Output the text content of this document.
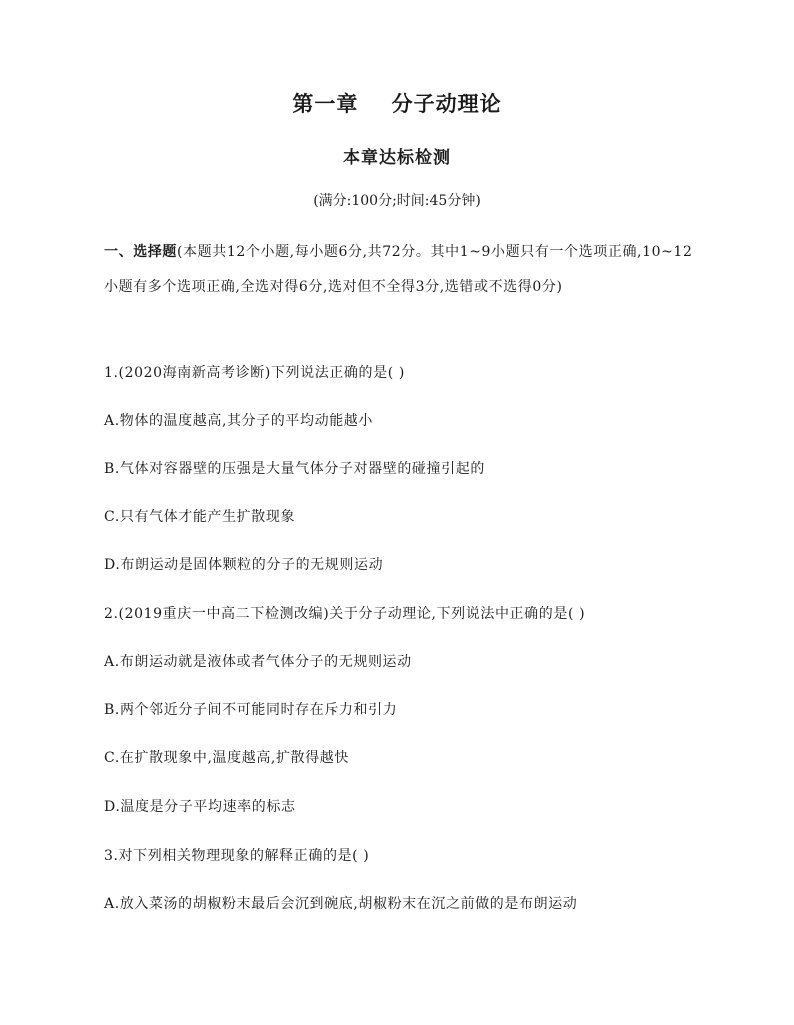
第一章    分子动理论
本章达标检测
(满分:100分;时间:45分钟)
一、选择题(本题共12个小题,每小题6分,共72分。其中1~9小题只有一个选项正确,10~12小题有多个选项正确,全选对得6分,选对但不全得3分,选错或不选得0分)
1.(2020海南新高考诊断)下列说法正确的是( )
A.物体的温度越高,其分子的平均动能越小
B.气体对容器壁的压强是大量气体分子对器壁的碰撞引起的
C.只有气体才能产生扩散现象
D.布朗运动是固体颗粒的分子的无规则运动
2.(2019重庆一中高二下检测改编)关于分子动理论,下列说法中正确的是( )
A.布朗运动就是液体或者气体分子的无规则运动
B.两个邻近分子间不可能同时存在斥力和引力
C.在扩散现象中,温度越高,扩散得越快
D.温度是分子平均速率的标志
3.对下列相关物理现象的解释正确的是( )
A.放入菜汤的胡椒粉末最后会沉到碗底,胡椒粉末在沉之前做的是布朗运动
